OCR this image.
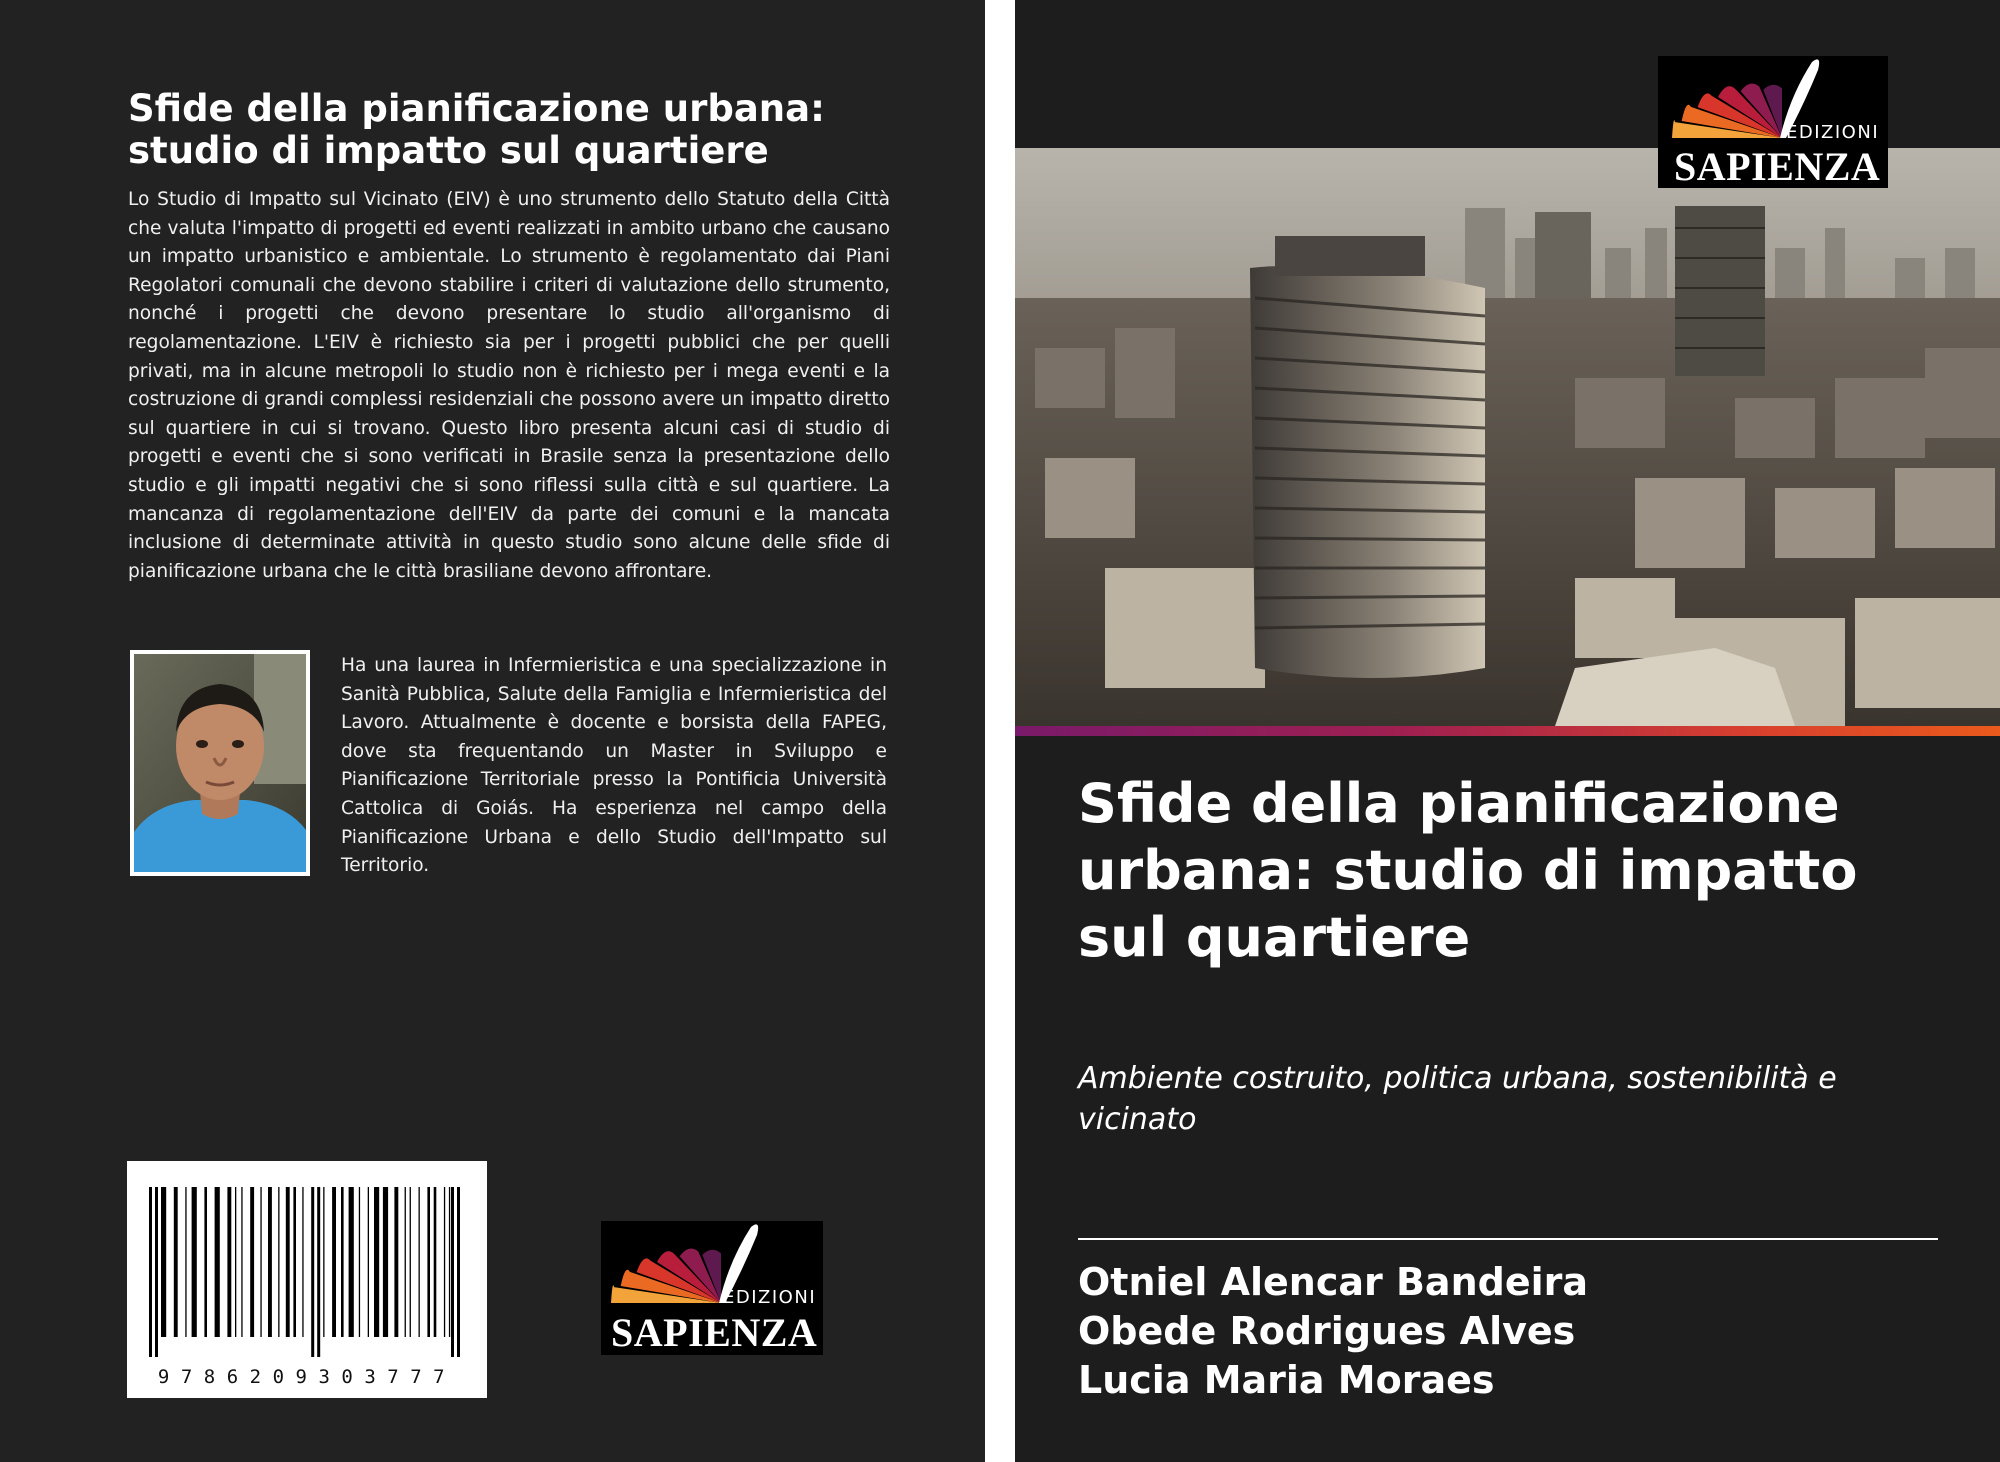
Sfide della pianificazione urbana: studio di impatto sul quartiere
Lo Studio di Impatto sul Vicinato (EIV) è uno strumento dello Statuto della Città che valuta l'impatto di progetti ed eventi realizzati in ambito urbano che causano un impatto urbanistico e ambientale. Lo strumento è regolamentato dai Piani Regolatori comunali che devono stabilire i criteri di valutazione dello strumento, nonché i progetti che devono presentare lo studio all'organismo di regolamentazione. L'EIV è richiesto sia per i progetti pubblici che per quelli privati, ma in alcune metropoli lo studio non è richiesto per i mega eventi e la costruzione di grandi complessi residenziali che possono avere un impatto diretto sul quartiere in cui si trovano. Questo libro presenta alcuni casi di studio di progetti e eventi che si sono verificati in Brasile senza la presentazione dello studio e gli impatti negativi che si sono riflessi sulla città e sul quartiere. La mancanza di regolamentazione dell'EIV da parte dei comuni e la mancata inclusione di determinate attività in questo studio sono alcune delle sfide di pianificazione urbana che le città brasiliane devono affrontare.
Ha una laurea in Infermieristica e una specializzazione in Sanità Pubblica, Salute della Famiglia e Infermieristica del Lavoro. Attualmente è docente e borsista della FAPEG, dove sta frequentando un Master in Sviluppo e Pianificazione Territoriale presso la Pontificia Università Cattolica di Goiás. Ha esperienza nel campo della Pianificazione Urbana e dello Studio dell'Impatto sul Territorio.
9786209303777
EDIZIONI
SAPIENZA
EDIZIONI
SAPIENZA
Sfide della pianificazione urbana: studio di impatto sul quartiere
Ambiente costruito, politica urbana, sostenibilità e vicinato
Otniel Alencar Bandeira
Obede Rodrigues Alves
Lucia Maria Moraes
